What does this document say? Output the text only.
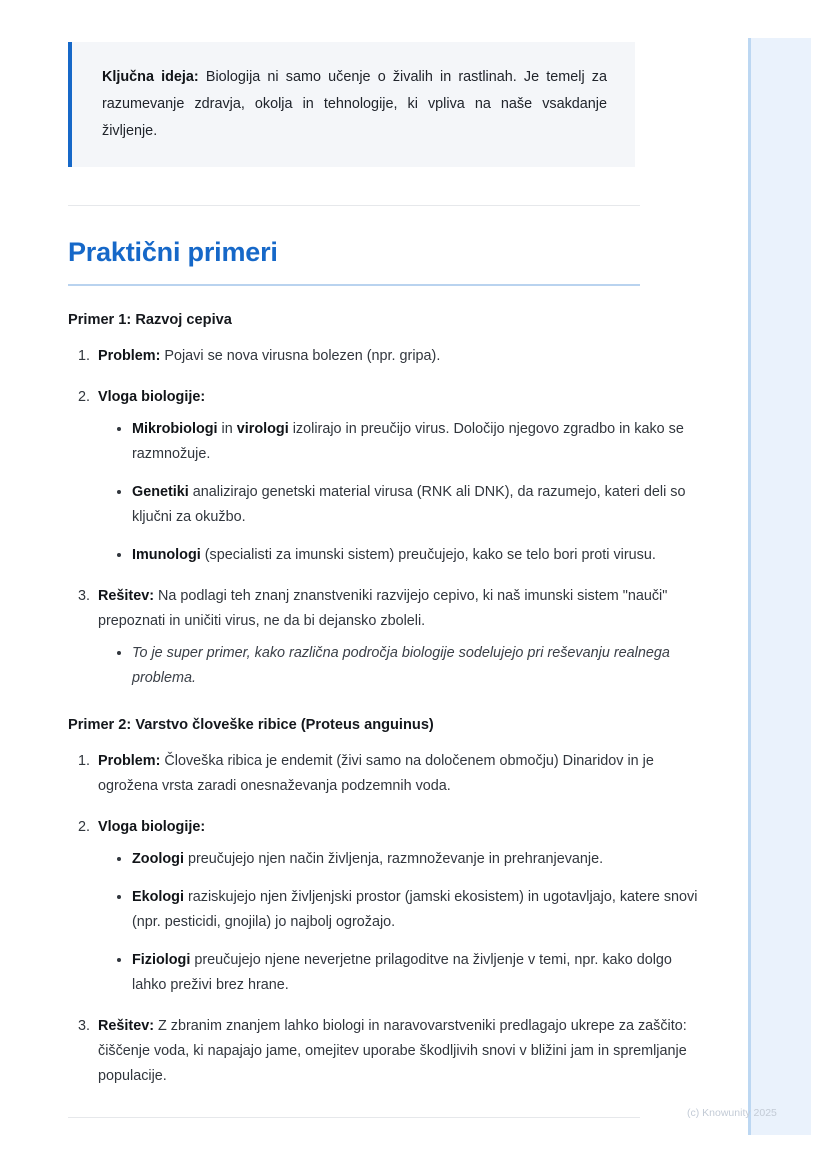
Ključna ideja: Biologija ni samo učenje o živalih in rastlinah. Je temelj za razumevanje zdravja, okolja in tehnologije, ki vpliva na naše vsakdanje življenje.

Praktični primeri
Primer 1: Razvoj cepiva
1. Problem: Pojavi se nova virusna bolezen (npr. gripa).
2. Vloga biologije:
Mikrobiologi in virologi izolirajo in preučijo virus. Določijo njegovo zgradbo in kako se razmnožuje.
Genetiki analizirajo genetski material virusa (RNK ali DNK), da razumejo, kateri deli so ključni za okužbo.
Imunologi (specialisti za imunski sistem) preučujejo, kako se telo bori proti virusu.
3. Rešitev: Na podlagi teh znanj znanstveniki razvijejo cepivo, ki naš imunski sistem "nauči" prepoznati in uničiti virus, ne da bi dejansko zboleli.
To je super primer, kako različna področja biologije sodelujejo pri reševanju realnega problema.
Primer 2: Varstvo človeške ribice (Proteus anguinus)
1. Problem: Človeška ribica je endemit (živi samo na določenem območju) Dinaridov in je ogrožena vrsta zaradi onesnaževanja podzemnih voda.
2. Vloga biologije:
Zoologi preučujejo njen način življenja, razmnoževanje in prehranjevanje.
Ekologi raziskujejo njen življenjski prostor (jamski ekosistem) in ugotavljajo, katere snovi (npr. pesticidi, gnojila) jo najbolj ogrožajo.
Fiziologi preučujejo njene neverjetne prilagoditve na življenje v temi, npr. kako dolgo lahko preživi brez hrane.
3. Rešitev: Z zbranim znanjem lahko biologi in naravovarstveniki predlagajo ukrepe za zaščito: čiščenje voda, ki napajajo jame, omejitev uporabe škodljivih snovi v bližini jam in spremljanje populacije.
(c) Knowunity 2025
